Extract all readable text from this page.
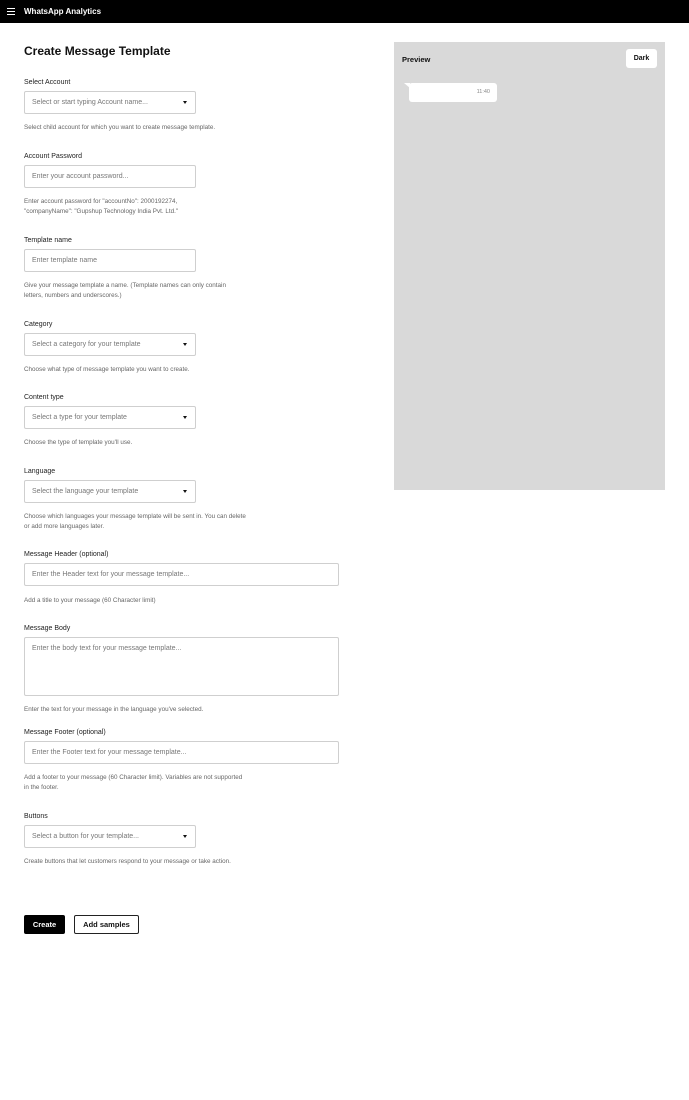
WhatsApp Analytics
Create Message Template
Select Account
Select or start typing Account name...
Select child account for which you want to create message template.
Account Password
Enter your account password...
Enter account password for "accountNo": 2000192274, "companyName": "Gupshup Technology India Pvt. Ltd."
Template name
Enter template name
Give your message template a name. (Template names can only contain letters, numbers and underscores.)
Category
Select a category for your template
Choose what type of message template you want to create.
Content type
Select a type for your template
Choose the type of template you'll use.
Language
Select the language your template
Choose which languages your message template will be sent in. You can delete or add more languages later.
Message Header (optional)
Enter the Header text for your message template...
Add a title to your message (60 Character limit)
Message Body
Enter the body text for your message template...
Enter the text for your message in the language you've selected.
Message Footer (optional)
Enter the Footer text for your message template...
Add a footer to your message (60 Character limit). Variables are not supported in the footer.
Buttons
Select a button for your template...
Create buttons that let customers respond to your message or take action.
Create	Add samples
Preview	Dark
11:40
